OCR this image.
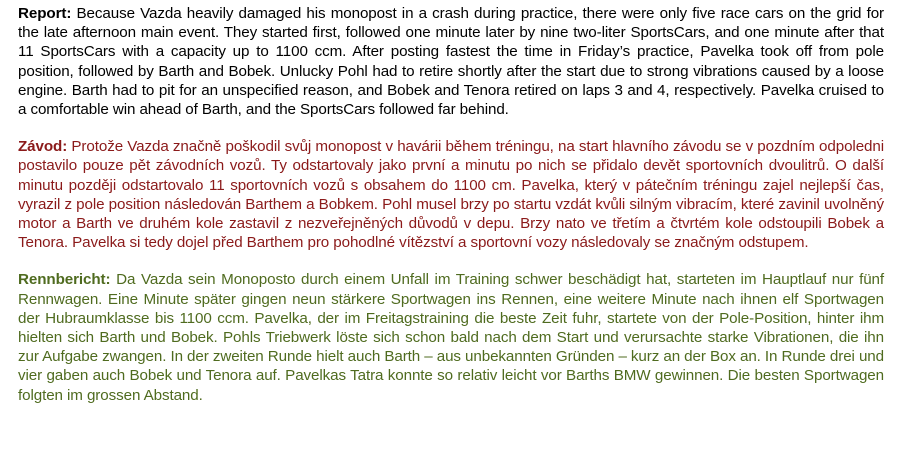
Report: Because Vazda heavily damaged his monopost in a crash during practice, there were only five race cars on the grid for the late afternoon main event. They started first, followed one minute later by nine two-liter SportsCars, and one minute after that 11 SportsCars with a capacity up to 1100 ccm. After posting fastest the time in Friday’s practice, Pavelka took off from pole position, followed by Barth and Bobek. Unlucky Pohl had to retire shortly after the start due to strong vibrations caused by a loose engine. Barth had to pit for an unspecified reason, and Bobek and Tenora retired on laps 3 and 4, respectively. Pavelka cruised to a comfortable win ahead of Barth, and the SportsCars followed far behind.

Závod: Protože Vazda značně poškodil svůj monopost v havárii během tréningu, na start hlavního závodu se v pozdním odpoledni postavilo pouze pět závodních vozů. Ty odstartovaly jako první a minutu po nich se přidalo devět sportovních dvoulitrů. O další minutu později odstartovalo 11 sportovních vozů s obsahem do 1100 cm. Pavelka, který v pátečním tréningu zajel nejlepší čas, vyrazil z pole position následován Barthem a Bobkem. Pohl musel brzy po startu vzdát kvůli silným vibracím, které zavinil uvolněný motor a Barth ve druhém kole zastavil z nezveřejněných důvodů v depu. Brzy nato ve třetím a čtvrtém kole odstoupili Bobek a Tenora. Pavelka si tedy dojel před Barthem pro pohodlné vítězství a sportovní vozy následovaly se značným odstupem.

Rennbericht: Da Vazda sein Monoposto durch einem Unfall im Training schwer beschädigt hat, starteten im Hauptlauf nur fünf Rennwagen. Eine Minute später gingen neun stärkere Sportwagen ins Rennen, eine weitere Minute nach ihnen elf Sportwagen der Hubraumklasse bis 1100 ccm. Pavelka, der im Freitagstraining die beste Zeit fuhr, startete von der Pole-Position, hinter ihm hielten sich Barth und Bobek. Pohls Triebwerk löste sich schon bald nach dem Start und verursachte starke Vibrationen, die ihn zur Aufgabe zwangen. In der zweiten Runde hielt auch Barth – aus unbekannten Gründen – kurz an der Box an. In Runde drei und vier gaben auch Bobek und Tenora auf. Pavelkas Tatra konnte so relativ leicht vor Barths BMW gewinnen. Die besten Sportwagen folgten im grossen Abstand.
